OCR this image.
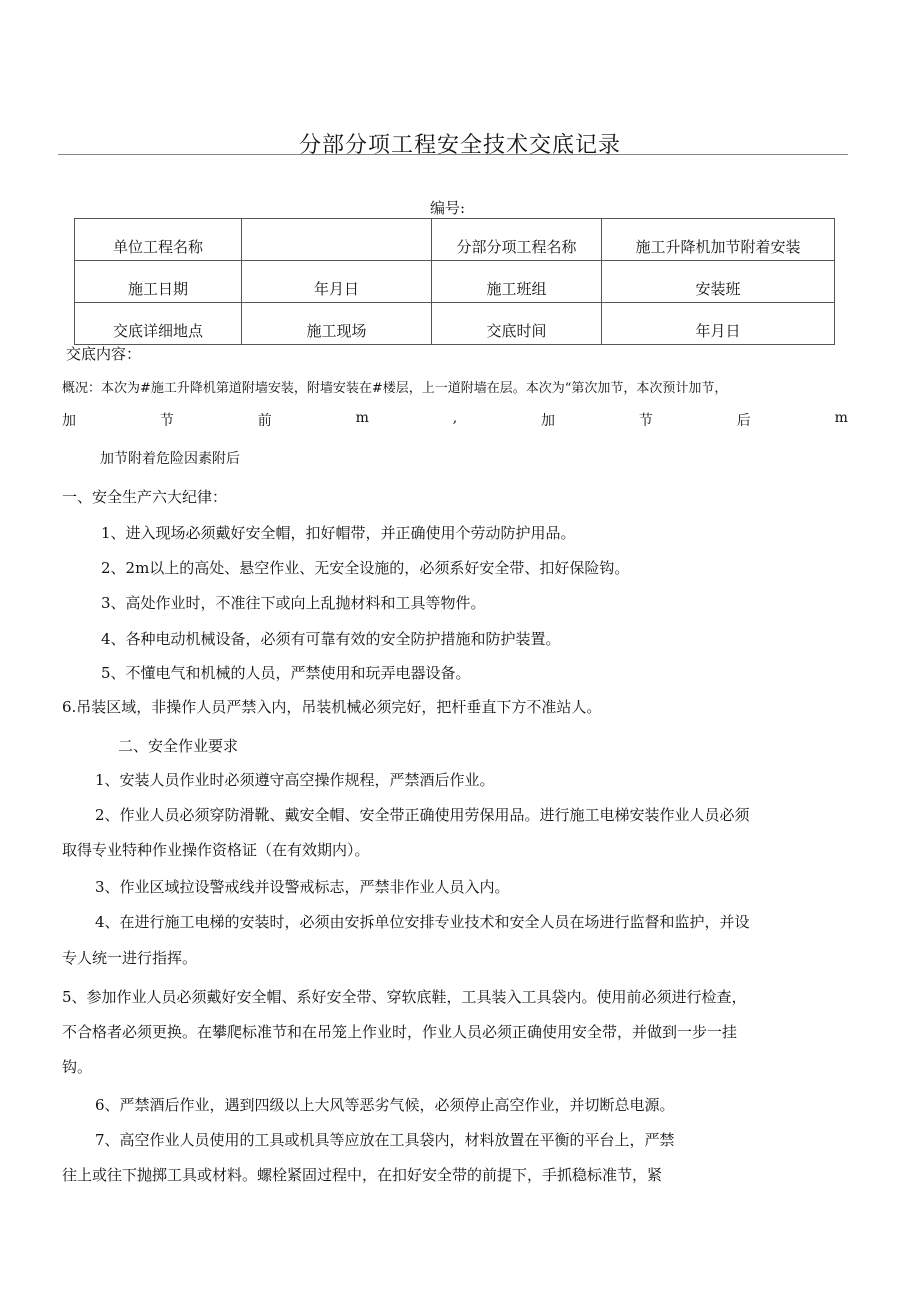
分部分项工程安全技术交底记录
编号:
单位工程名称		分部分项工程名称	施工升降机加节附着安装
施工日期	年月日	施工班组	安装班
交底详细地点	施工现场	交底时间	年月日
交底内容：
概况：本次为#施工升降机第道附墙安装，附墙安装在#楼层，上一道附墙在层。本次为“第次加节，本次预计加节，
加	节	前	m	,	加	节	后	m
加节附着危险因素附后
一、安全生产六大纪律：
1、进入现场必须戴好安全帽，扣好帽带，并正确使用个劳动防护用品。
2、2m以上的高处、悬空作业、无安全设施的，必须系好安全带、扣好保险钩。
3、高处作业时，不准往下或向上乱抛材料和工具等物件。
4、各种电动机械设备，必须有可靠有效的安全防护措施和防护装置。
5、不懂电气和机械的人员，严禁使用和玩弄电器设备。
6.吊装区域，非操作人员严禁入内，吊装机械必须完好，把杆垂直下方不准站人。
二、安全作业要求
1、安装人员作业时必须遵守高空操作规程，严禁酒后作业。
2、作业人员必须穿防滑靴、戴安全帽、安全带正确使用劳保用品。进行施工电梯安装作业人员必须
取得专业特种作业操作资格证（在有效期内）。
3、作业区域拉设警戒线并设警戒标志，严禁非作业人员入内。
4、在进行施工电梯的安装时，必须由安拆单位安排专业技术和安全人员在场进行监督和监护，并设
专人统一进行指挥。
5、参加作业人员必须戴好安全帽、系好安全带、穿软底鞋，工具装入工具袋内。使用前必须进行检查，
不合格者必须更换。在攀爬标准节和在吊笼上作业时，作业人员必须正确使用安全带，并做到一步一挂
钩。
6、严禁酒后作业，遇到四级以上大风等恶劣气候，必须停止高空作业，并切断总电源。
7、高空作业人员使用的工具或机具等应放在工具袋内，材料放置在平衡的平台上，严禁
往上或往下抛掷工具或材料。螺栓紧固过程中，在扣好安全带的前提下，手抓稳标准节，紧
